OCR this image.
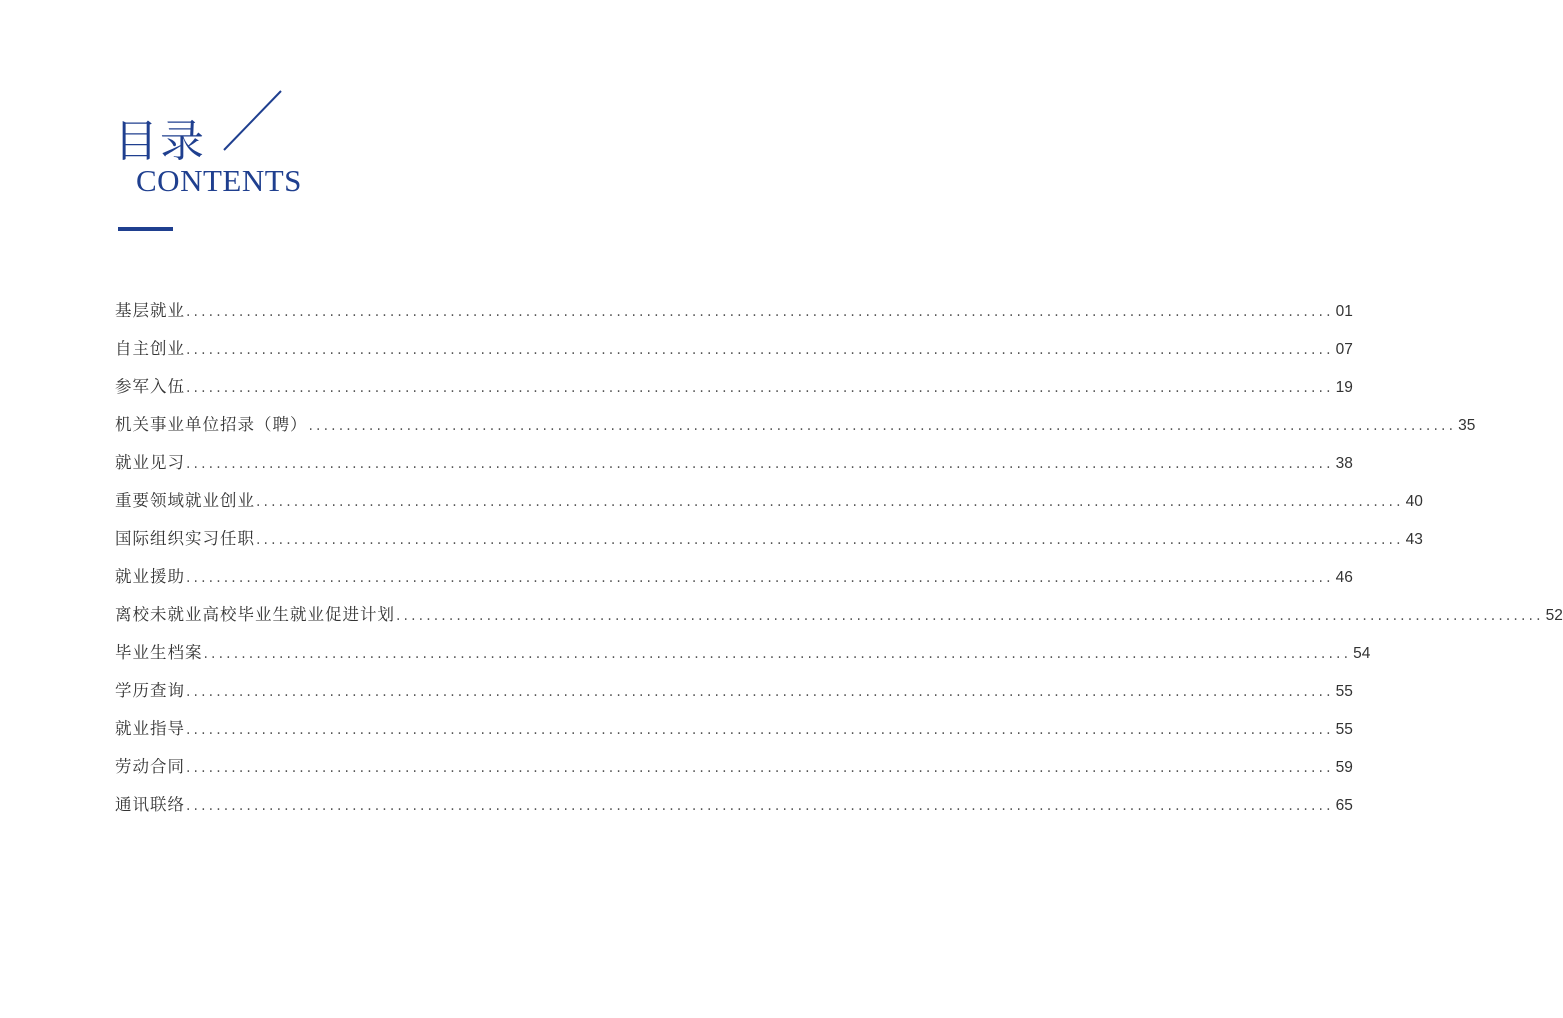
目录
CONTENTS
基层就业 ........................................................................................................................................................ 01
自主创业 ........................................................................................................................................................ 07
参军入伍 ........................................................................................................................................................ 19
机关事业单位招录（聘） ........................................................................................................................................................ 35
就业见习 ........................................................................................................................................................ 38
重要领域就业创业 ........................................................................................................................................................ 40
国际组织实习任职 ........................................................................................................................................................ 43
就业援助 ........................................................................................................................................................ 46
离校未就业高校毕业生就业促进计划 ........................................................................................................................................................ 52
毕业生档案 ........................................................................................................................................................ 54
学历查询 ........................................................................................................................................................ 55
就业指导 ........................................................................................................................................................ 55
劳动合同 ........................................................................................................................................................ 59
通讯联络 ........................................................................................................................................................ 65
